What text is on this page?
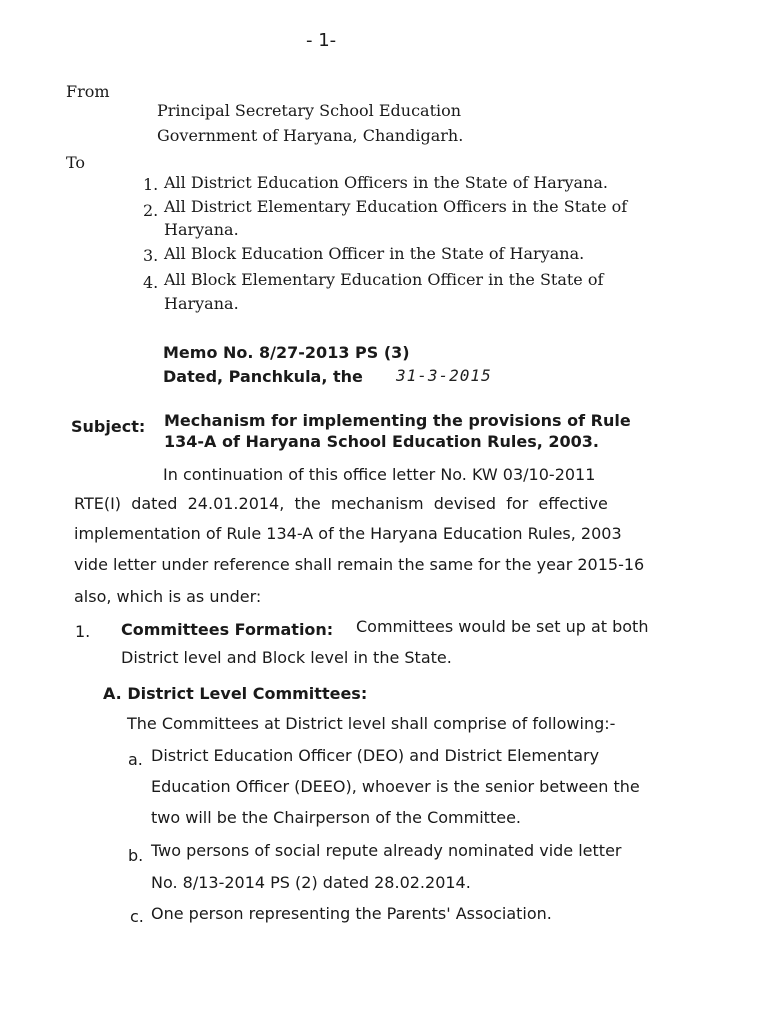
- 1-
From
Principal Secretary School Education
Government of Haryana, Chandigarh.
To
1. All District Education Officers in the State of Haryana.
2. All District Elementary Education Officers in the State of
Haryana.
3. All Block Education Officer in the State of Haryana.
4. All Block Elementary Education Officer in the State of
Haryana.
Memo No. 8/27-2013 PS (3)
Dated, Panchkula, the 31-3-2015
Subject: Mechanism for implementing the provisions of Rule
134-A of Haryana School Education Rules, 2003.
In continuation of this office letter No. KW 03/10-2011
RTE(I)  dated  24.01.2014,  the  mechanism  devised  for  effective
implementation of Rule 134-A of the Haryana Education Rules, 2003
vide letter under reference shall remain the same for the year 2015-16
also, which is as under:
1. Committees Formation: Committees would be set up at both
District level and Block level in the State.
A. District Level Committees:
The Committees at District level shall comprise of following:-
a. District Education Officer (DEO) and District Elementary
Education Officer (DEEO), whoever is the senior between the
two will be the Chairperson of the Committee.
b. Two persons of social repute already nominated vide letter
No. 8/13-2014 PS (2) dated 28.02.2014.
c. One person representing the Parents' Association.
